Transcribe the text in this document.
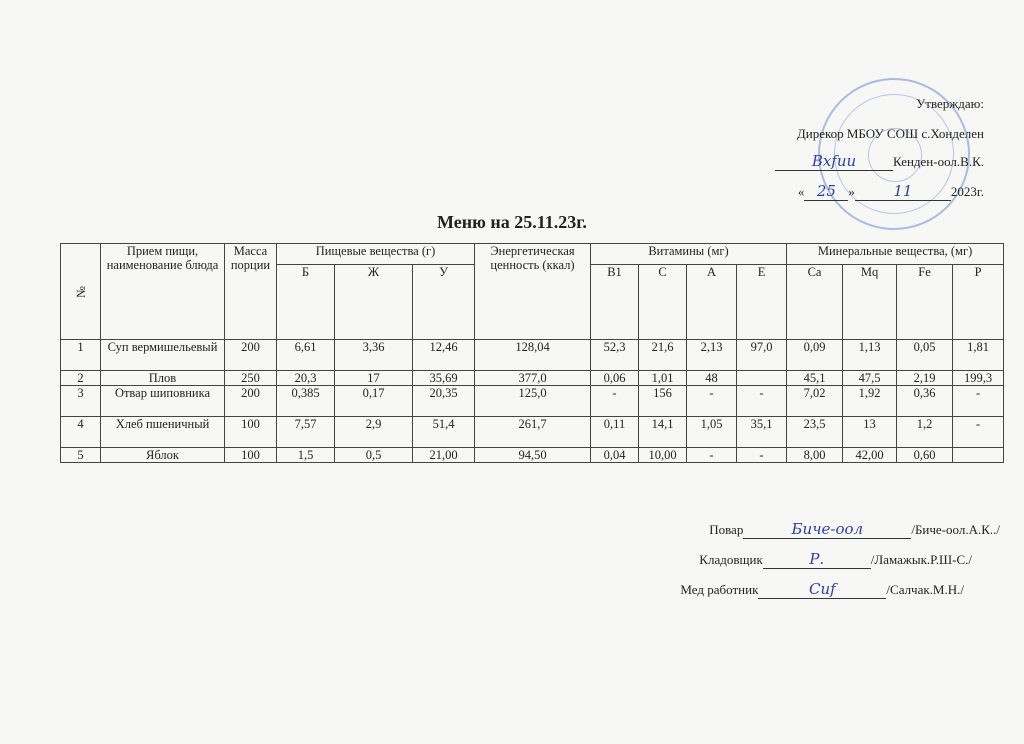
Утверждаю:
Дирекор МБОУ СОШ с.Хонделен
Вхfuu	Кенден-оол.В.К.
« 25 »	11	2023г.
Меню на 25.11.23г.
№	Прием пищи, наименование блюда	Масса порции	Пищевые вещества (г)			Энергетическая ценность (ккал)	Витамины (мг)				Минеральные вещества, (мг)			
			Б	Ж	У		В1	С	А	Е	Са	Mq	Fe	Р
1	Суп вермишельевый	200	6,61	3,36	12,46	128,04	52,3	21,6	2,13	97,0	0,09	1,13	0,05	1,81
2	Плов	250	20,3	17	35,69	377,0	0,06	1,01	48		45,1	47,5	2,19	199,3
3	Отвар шиповника	200	0,385	0,17	20,35	125,0	-	156	-	-	7,02	1,92	0,36	-
4	Хлеб пшеничный	100	7,57	2,9	51,4	261,7	0,11	14,1	1,05	35,1	23,5	13	1,2	-
5	Яблок	100	1,5	0,5	21,00	94,50	0,04	10,00	-	-	8,00	42,00	0,60	
Повар	Биче-оол	/Биче-оол.А.К../
Кладовщик	Р.	/Ламажык.Р.Ш-С./
Мед работник	Сиf	/Салчак.М.Н./
